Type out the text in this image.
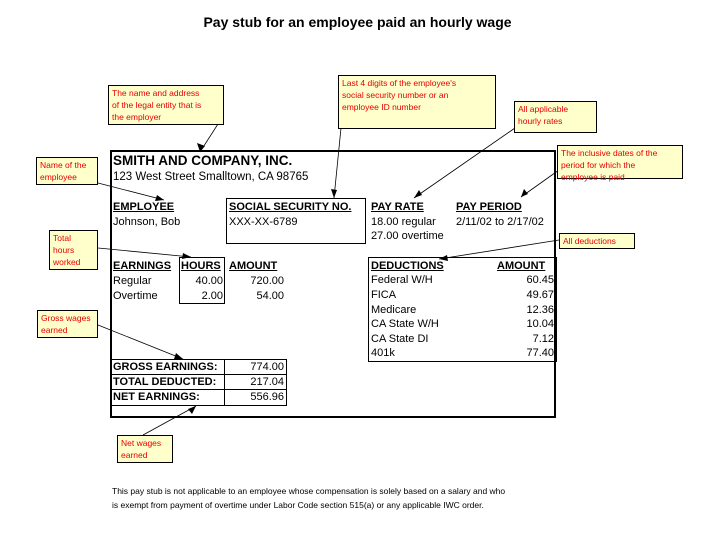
Pay stub for an employee paid an hourly wage
SMITH AND COMPANY, INC.
123 West Street Smalltown, CA 98765
EMPLOYEE
Johnson, Bob
SOCIAL SECURITY NO.
XXX-XX-6789
PAY RATE
18.00 regular
27.00 overtime
PAY PERIOD
2/11/02 to 2/17/02
EARNINGS HOURS AMOUNT
Regular	40.00	720.00
Overtime	2.00	54.00
DEDUCTIONS	AMOUNT
Federal W/H	60.45
FICA	49.67
Medicare	12.36
CA State W/H	10.04
CA State DI	7.12
401k	77.40
GROSS EARNINGS:	774.00
TOTAL DEDUCTED:	217.04
NET EARNINGS:	556.96
The name and address
of the legal entity that is
the employer
Last 4 digits of the employee's
social security number or an
employee ID number	All applicable
hourly rates
The inclusive dates of the
period for which the
employee is paid
Name of the
employee
Total
hours
worked
All deductions
Gross wages
earned
Net wages
earned
This pay stub is not applicable to an employee whose compensation is solely based on a salary and who
is exempt from payment of overtime under Labor Code section 515(a) or any applicable IWC order.
